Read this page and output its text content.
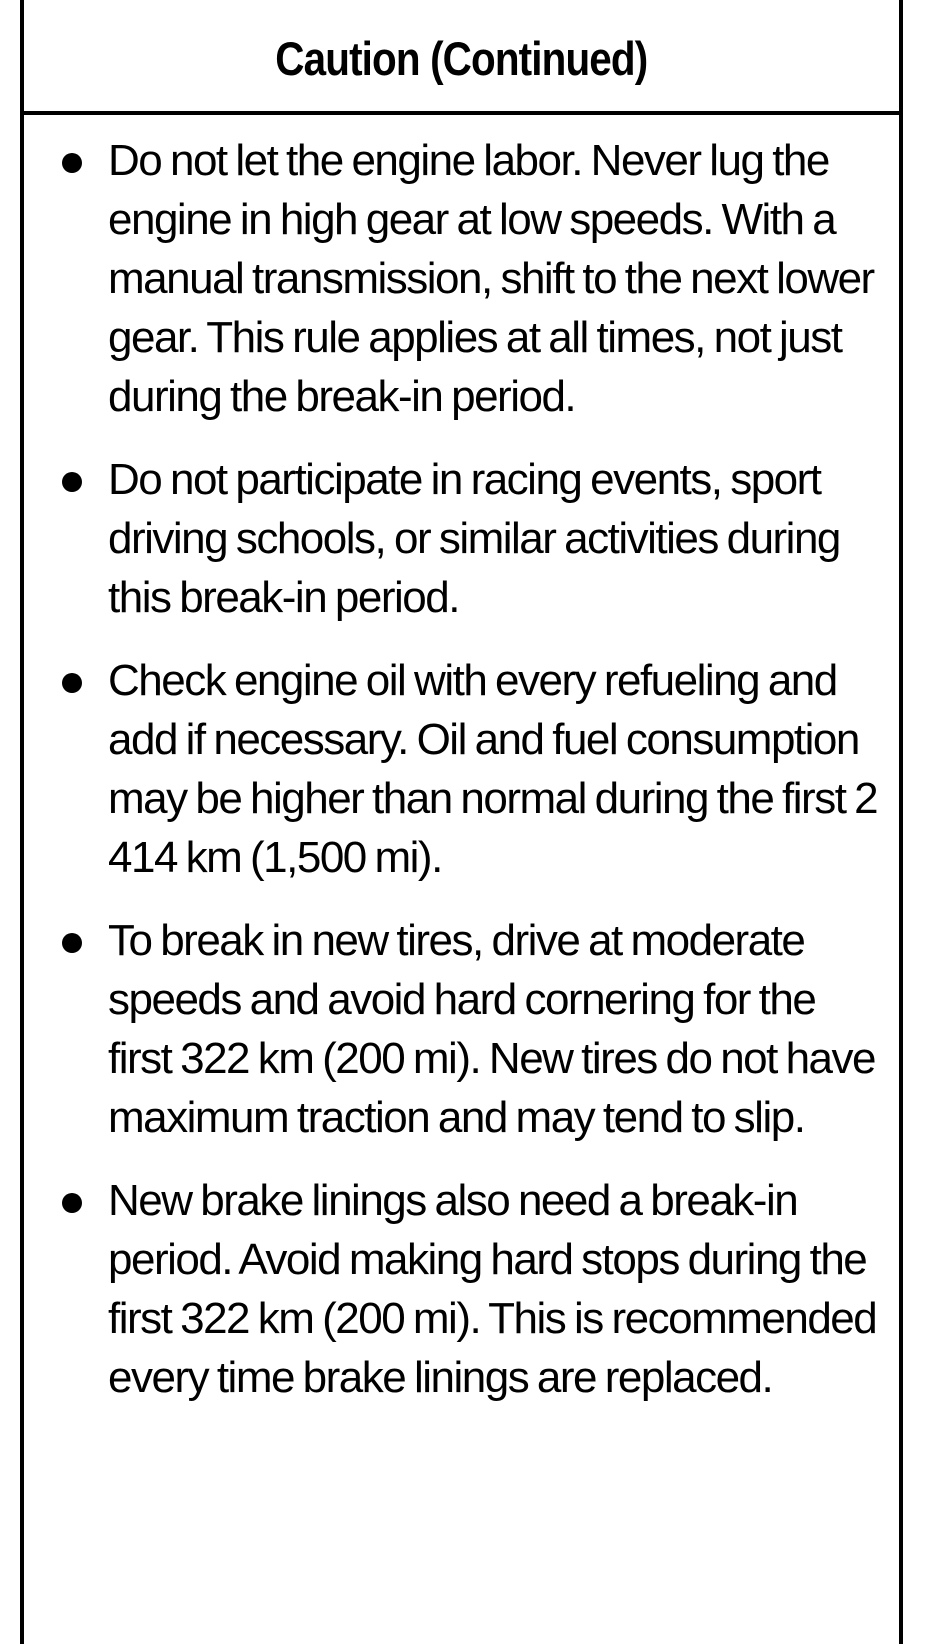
Caution (Continued)
Do not let the engine labor. Never lug the engine in high gear at low speeds. With a manual transmission, shift to the next lower gear. This rule applies at all times, not just during the break-in period.
Do not participate in racing events, sport driving schools, or similar activities during this break-in period.
Check engine oil with every refueling and add if necessary. Oil and fuel consumption may be higher than normal during the first 2 414 km (1,500 mi).
To break in new tires, drive at moderate speeds and avoid hard cornering for the first 322 km (200 mi). New tires do not have maximum traction and may tend to slip.
New brake linings also need a break-in period. Avoid making hard stops during the first 322 km (200 mi). This is recommended every time brake linings are replaced.
